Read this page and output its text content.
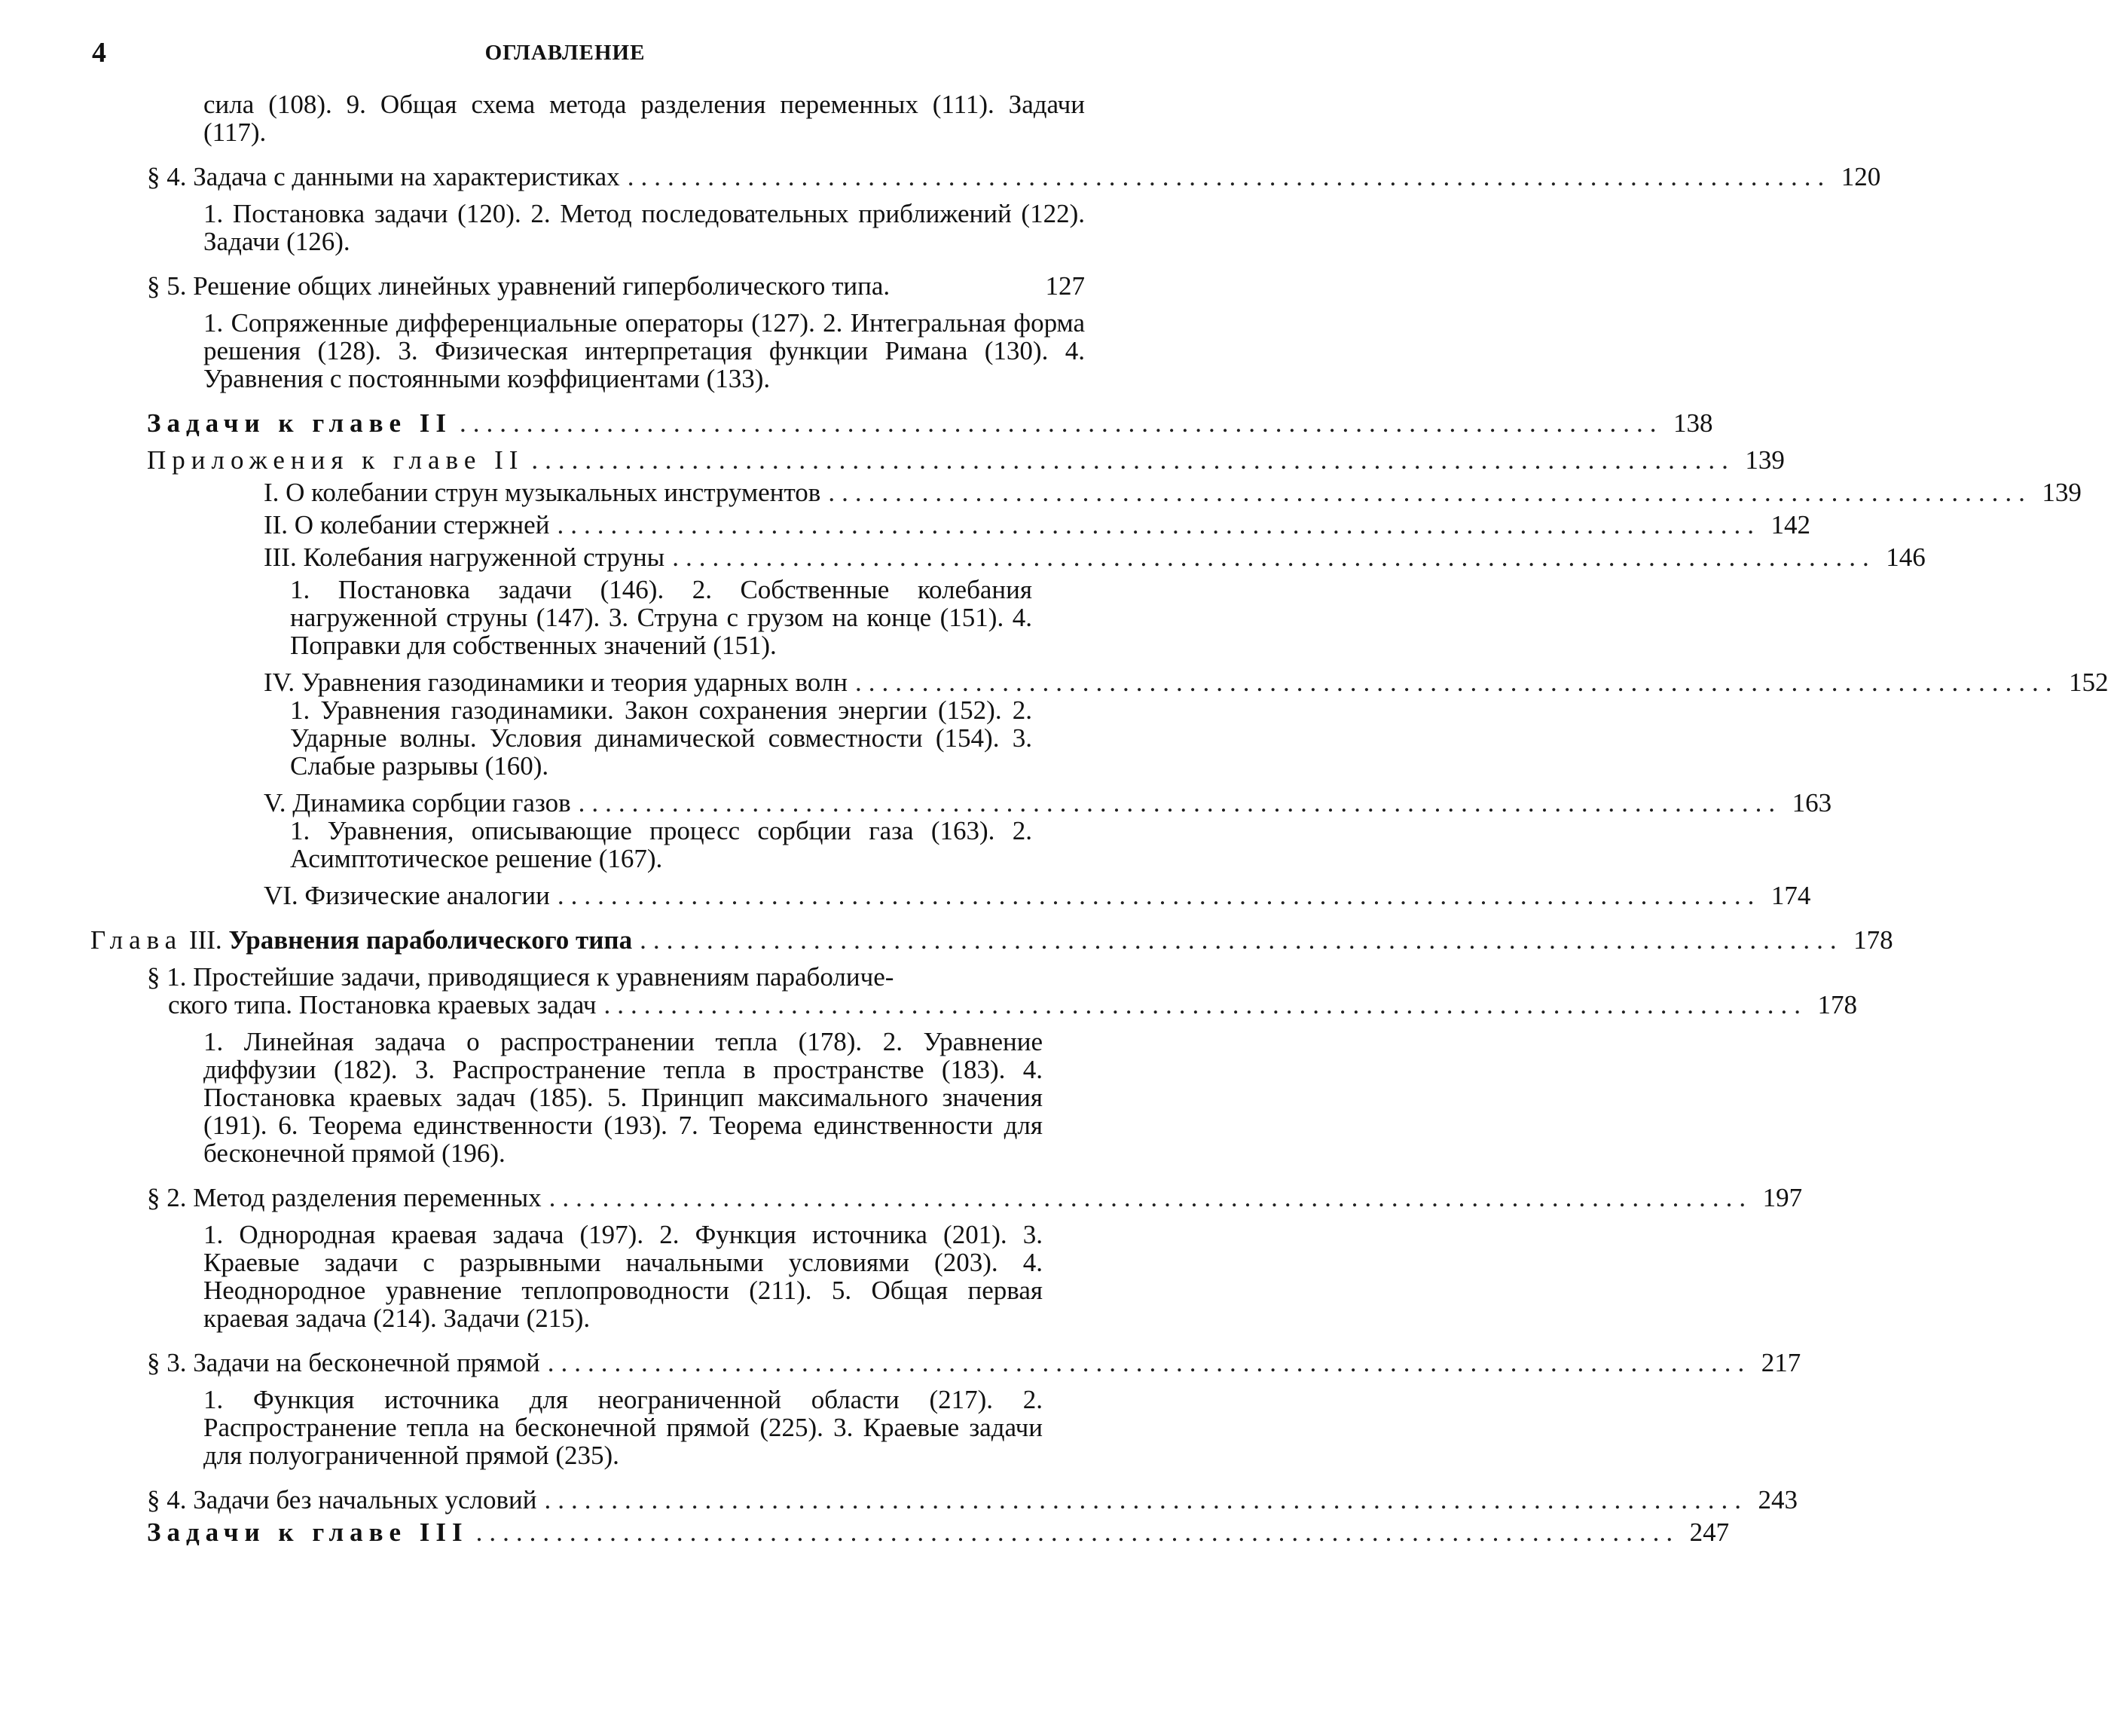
4	ОГЛАВЛЕНИЕ
сила (108). 9. Общая схема метода разделения переменных (111). Задачи (117).
§ 4. Задача с данными на характеристиках .......................................................................................... 120
1. Постановка задачи (120). 2. Метод последовательных приближений (122). Задачи (126).
§ 5. Решение общих линейных уравнений гиперболического типа.	127
1. Сопряженные дифференциальные операторы (127). 2. Интегральная форма решения (128). 3. Физическая интерпретация функции Римана (130). 4. Уравнения с постоянными коэффициентами (133).
Задачи к главе II .......................................................................................... 138
Приложения к главе II .......................................................................................... 139
I. О колебании струн музыкальных инструментов .......................................................................................... 139
II. О колебании стержней .......................................................................................... 142
III. Колебания нагруженной струны .......................................................................................... 146
1. Постановка задачи (146). 2. Собственные колебания нагруженной струны (147). 3. Струна с грузом на конце (151). 4. Поправки для собственных значений (151).
IV. Уравнения газодинамики и теория ударных волн .......................................................................................... 152
1. Уравнения газодинамики. Закон сохранения энергии (152). 2. Ударные волны. Условия динамической совместности (154). 3. Слабые разрывы (160).
V. Динамика сорбции газов .......................................................................................... 163
1. Уравнения, описывающие процесс сорбции газа (163). 2. Асимптотическое решение (167).
VI. Физические аналогии .......................................................................................... 174
Глава III. Уравнения параболического типа .......................................................................................... 178
§ 1. Простейшие задачи, приводящиеся к уравнениям параболиче-
ского типа. Постановка краевых задач .......................................................................................... 178
1. Линейная задача о распространении тепла (178). 2. Уравнение диффузии (182). 3. Распространение тепла в пространстве (183). 4. Постановка краевых задач (185). 5. Принцип максимального значения (191). 6. Теорема единственности (193). 7. Теорема единственности для бесконечной прямой (196).
§ 2. Метод разделения переменных .......................................................................................... 197
1. Однородная краевая задача (197). 2. Функция источника (201). 3. Краевые задачи с разрывными начальными условиями (203). 4. Неоднородное уравнение теплопроводности (211). 5. Общая первая краевая задача (214). Задачи (215).
§ 3. Задачи на бесконечной прямой .......................................................................................... 217
1. Функция источника для неограниченной области (217). 2. Распространение тепла на бесконечной прямой (225). 3. Краевые задачи для полуограниченной прямой (235).
§ 4. Задачи без начальных условий .......................................................................................... 243
Задачи к главе III .......................................................................................... 247
